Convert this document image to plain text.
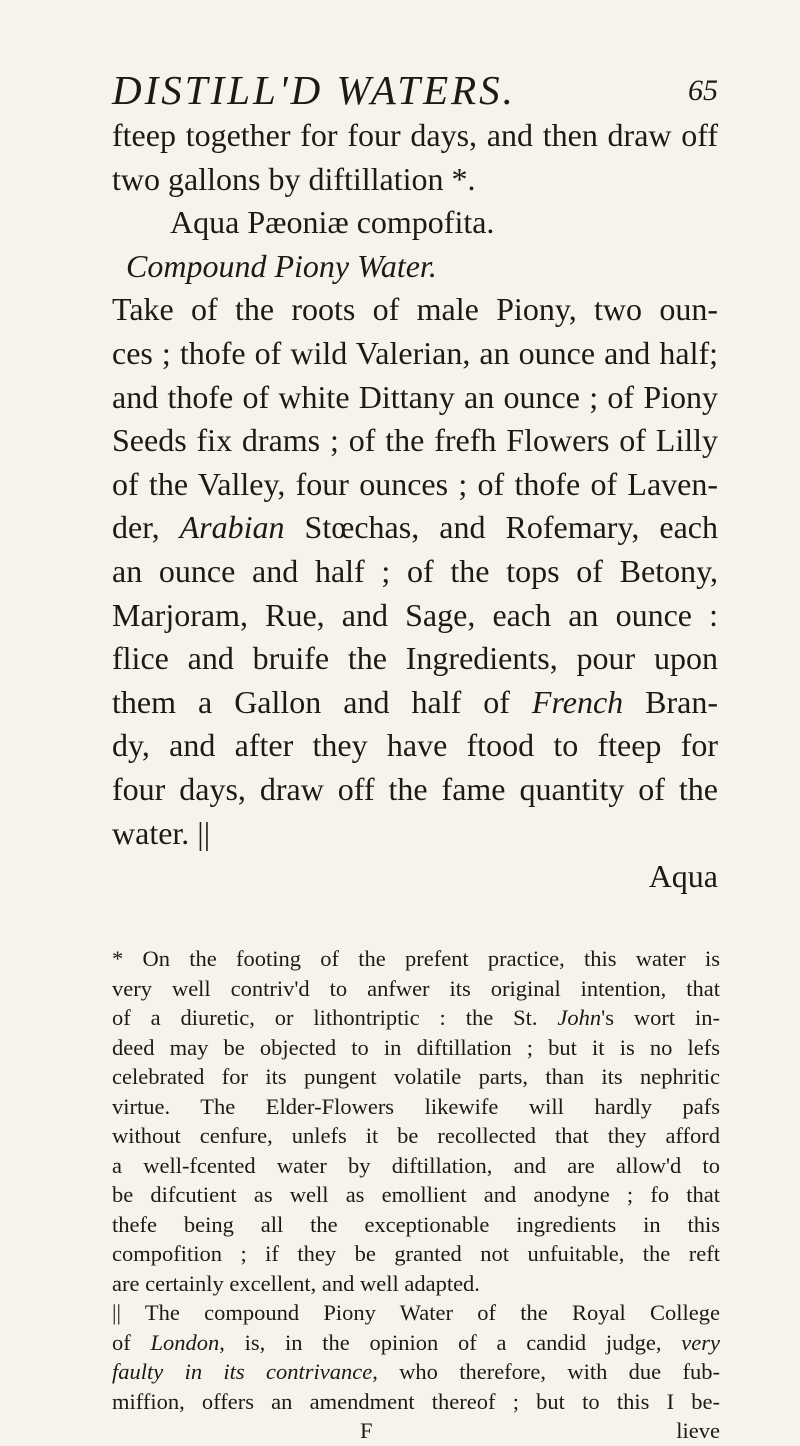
DISTILL'D WATERS.	65
fteep together for four days, and then draw off
two gallons by diftillation *.
Aqua Pæoniæ compofita.
Compound Piony Water.
Take of the roots of male Piony, two oun-
ces ; thofe of wild Valerian, an ounce and half;
and thofe of white Dittany an ounce ; of Piony
Seeds fix drams ; of the frefh Flowers of Lilly
of the Valley, four ounces ; of thofe of Laven-
der, Arabian Stœchas, and Rofemary, each
an ounce and half ; of the tops of Betony,
Marjoram, Rue, and Sage, each an ounce :
flice and bruife the Ingredients, pour upon
them a Gallon and half of French Bran-
dy, and after they have ftood to fteep for
four days, draw off the fame quantity of the
water. ||
Aqua
* On the footing of the prefent practice, this water is
very well contriv'd to anfwer its original intention, that
of a diuretic, or lithontriptic : the St. John's wort in-
deed may be objected to in diftillation ; but it is no lefs
celebrated for its pungent volatile parts, than its nephritic
virtue. The Elder-Flowers likewife will hardly pafs
without cenfure, unlefs it be recollected that they afford
a well-fcented water by diftillation, and are allow'd to
be difcutient as well as emollient and anodyne ; fo that
thefe being all the exceptionable ingredients in this
compofition ; if they be granted not unfuitable, the reft
are certainly excellent, and well adapted.
|| The compound Piony Water of the Royal College
of London, is, in the opinion of a candid judge, very
faulty in its contrivance, who therefore, with due fub-
miffion, offers an amendment thereof ; but to this I be-
F	lieve
